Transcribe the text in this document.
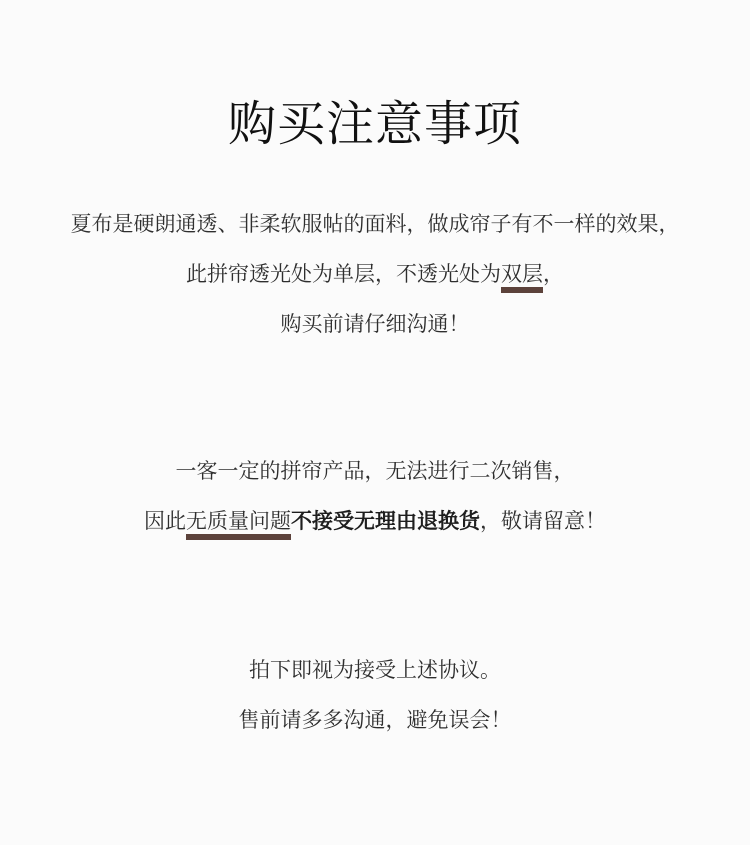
购买注意事项
夏布是硬朗通透、非柔软服帖的面料，做成帘子有不一样的效果，
此拼帘透光处为单层，不透光处为双层，
购买前请仔细沟通！
一客一定的拼帘产品，无法进行二次销售，
因此无质量问题不接受无理由退换货，敬请留意！
拍下即视为接受上述协议。
售前请多多沟通，避免误会！
